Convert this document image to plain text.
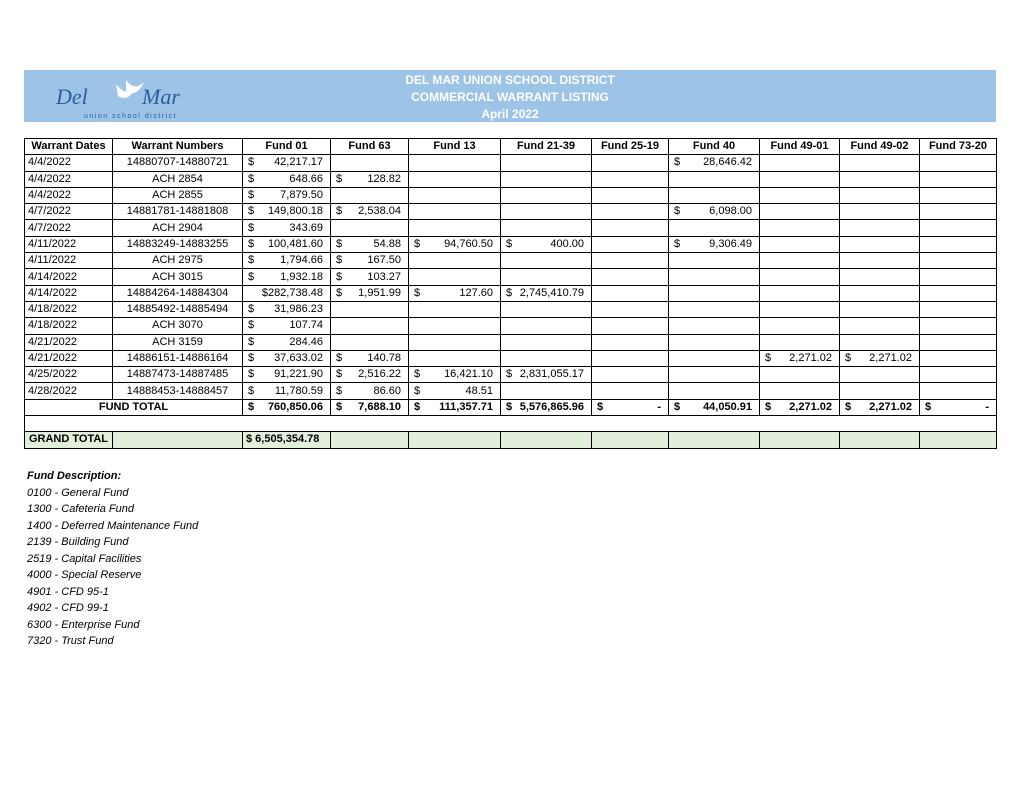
Del Mar
union school district
DEL MAR UNION SCHOOL DISTRICT
COMMERCIAL WARRANT LISTING
April 2022
Warrant Dates	Warrant Numbers	Fund 01	Fund 63	Fund 13	Fund 21-39	Fund 25-19	Fund 40	Fund 49-01	Fund 49-02	Fund 73-20
4/4/2022	14880707-14880721	$ 42,217.17					$ 28,646.42			

4/4/2022	ACH 2854	$ 648.66	$ 128.82							

4/4/2022	ACH 2855	$ 7,879.50								

4/7/2022	14881781-14881808	$ 149,800.18	$ 2,538.04				$ 6,098.00			

4/7/2022	ACH 2904	$ 343.69								

4/11/2022	14883249-14883255	$ 100,481.60	$ 54.88	$ 94,760.50	$ 400.00		$ 9,306.49			

4/11/2022	ACH 2975	$ 1,794.66	$ 167.50							

4/14/2022	ACH 3015	$ 1,932.18	$ 103.27							

4/14/2022	14884264-14884304	$282,738.48	$ 1,951.99	$ 127.60	$ 2,745,410.79					

4/18/2022	14885492-14885494	$ 31,986.23								

4/18/2022	ACH 3070	$ 107.74								

4/21/2022	ACH 3159	$ 284.46								

4/21/2022	14886151-14886164	$ 37,633.02	$ 140.78					$ 2,271.02	$ 2,271.02	

4/25/2022	14887473-14887485	$ 91,221.90	$ 2,516.22	$ 16,421.10	$ 2,831,055.17					

4/28/2022	14888453-14888457	$ 11,780.59	$ 86.60	$ 48.51						

FUND TOTAL		$ 760,850.06	$ 7,688.10	$ 111,357.71	$ 5,576,865.96	$ -	$ 44,050.91	$ 2,271.02	$ 2,271.02	$ -

GRAND TOTAL		$ 6,505,354.78								
Fund Description:
0100 - General Fund
1300 - Cafeteria Fund
1400 - Deferred Maintenance Fund
2139 - Building Fund
2519 - Capital Facilities
4000 - Special Reserve
4901 - CFD 95-1
4902 - CFD 99-1
6300 - Enterprise Fund
7320 - Trust Fund
